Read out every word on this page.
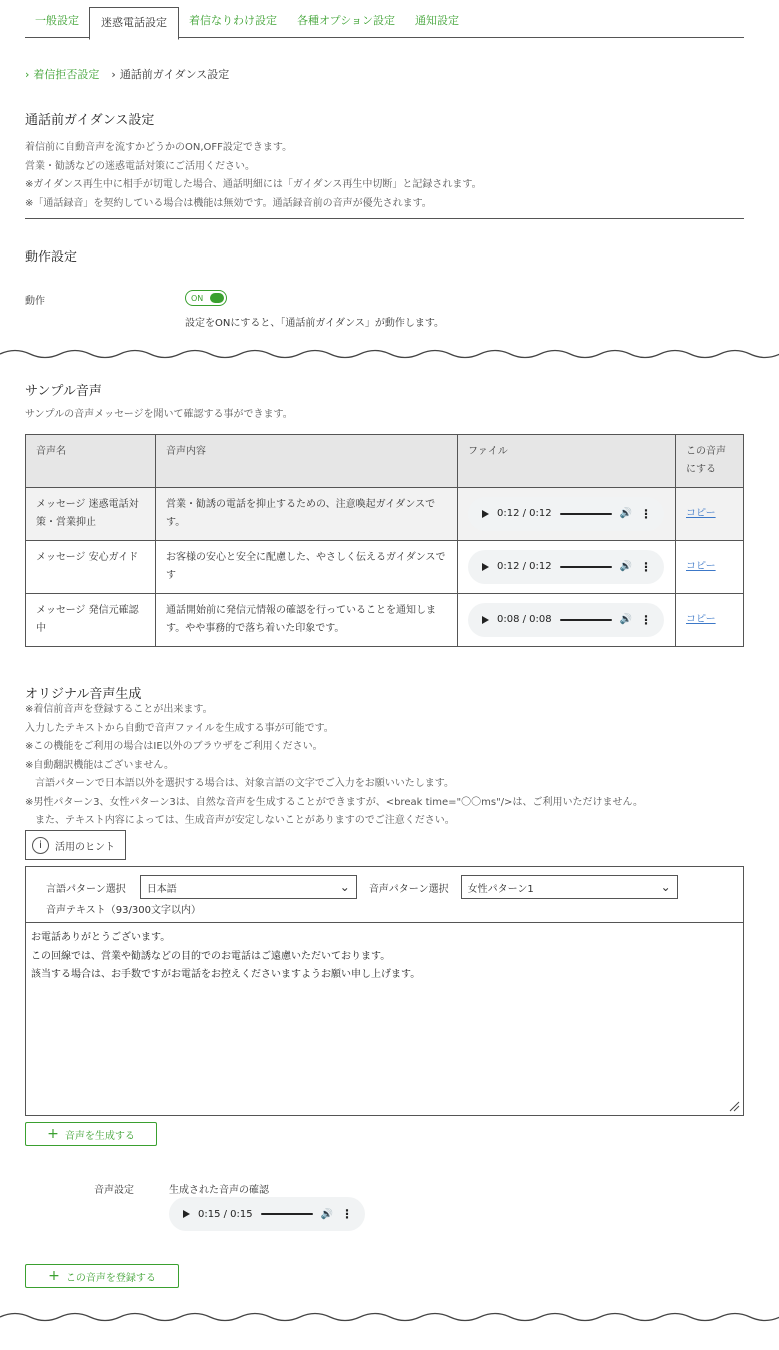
一般設定	迷惑電話設定	着信なりわけ設定	各種オプション設定	通知設定
› 着信拒否設定 › 通話前ガイダンス設定
通話前ガイダンス設定
着信前に自動音声を流すかどうかのON,OFF設定できます。
営業・勧誘などの迷惑電話対策にご活用ください。
※ガイダンス再生中に相手が切電した場合、通話明細には「ガイダンス再生中切断」と記録されます。
※「通話録音」を契約している場合は機能は無効です。通話録音前の音声が優先されます。
動作設定
動作	ON
設定をONにすると、「通話前ガイダンス」が動作します。
サンプル音声
サンプルの音声メッセージを聞いて確認する事ができます。
音声名	音声内容	ファイル	この音声にする
メッセージ 迷惑電話対策・営業抑止	営業・勧誘の電話を抑止するための、注意喚起ガイダンスです。	0:12 / 0:12 🔊 ⋮	コピー
メッセージ 安心ガイド	お客様の安心と安全に配慮した、やさしく伝えるガイダンスです	0:12 / 0:12 🔊 ⋮	コピー
メッセージ 発信元確認中	通話開始前に発信元情報の確認を行っていることを通知します。やや事務的で落ち着いた印象です。	0:08 / 0:08 🔊 ⋮	コピー
オリジナル音声生成
※着信前音声を登録することが出来ます。
入力したテキストから自動で音声ファイルを生成する事が可能です。
※この機能をご利用の場合はIE以外のブラウザをご利用ください。
※自動翻訳機能はございません。
　言語パターンで日本語以外を選択する場合は、対象言語の文字でご入力をお願いいたします。
※男性パターン3、女性パターン3は、自然な音声を生成することができますが、<break time="〇〇ms"/>は、ご利用いただけません。
　また、テキスト内容によっては、生成音声が安定しないことがありますのでご注意ください。
i	活用のヒント
言語パターン選択 日本語	⌄ 音声パターン選択 女性パターン1	⌄
音声テキスト（93/300文字以内）
お電話ありがとうございます。 この回線では、営業や勧誘などの目的でのお電話はご遠慮いただいております。 該当する場合は、お手数ですがお電話をお控えくださいますようお願い申し上げます。
+ 音声を生成する
音声設定	生成された音声の確認
0:15 / 0:15	🔊 ⋮
+ この音声を登録する
